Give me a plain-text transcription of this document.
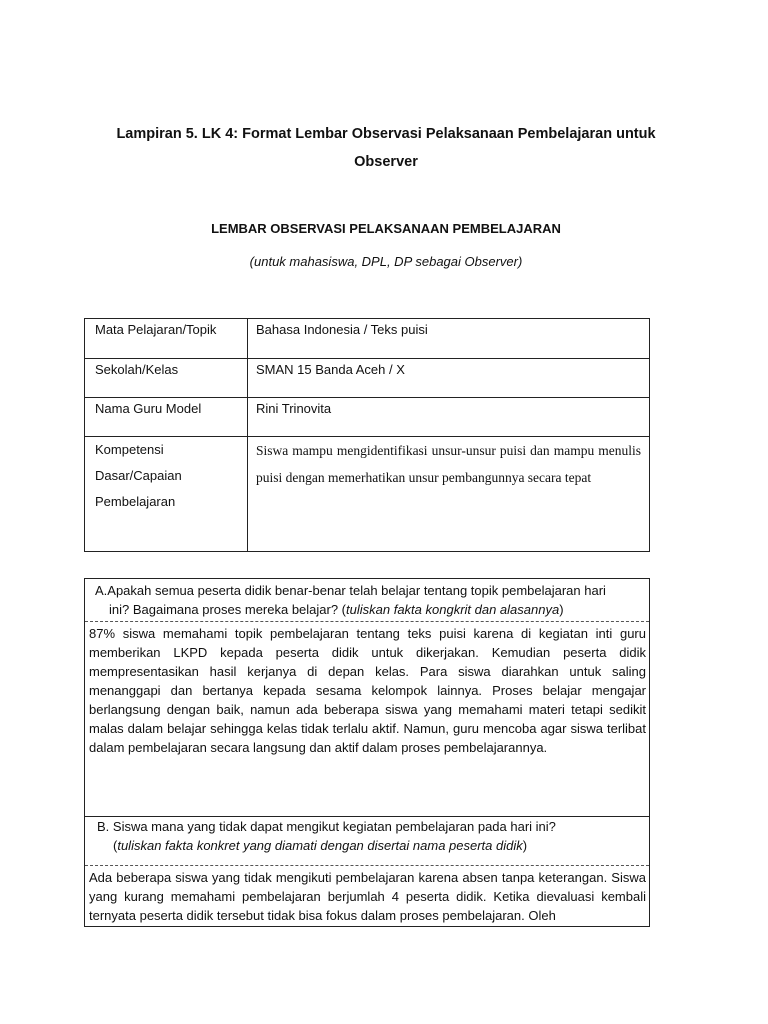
Lampiran 5. LK 4: Format Lembar Observasi Pelaksanaan Pembelajaran untuk
Observer
LEMBAR OBSERVASI PELAKSANAAN PEMBELAJARAN
(untuk mahasiswa, DPL, DP sebagai Observer)
Mata Pelajaran/Topik	Bahasa Indonesia / Teks puisi
Sekolah/Kelas	SMAN 15 Banda Aceh / X
Nama Guru Model	Rini Trinovita
Kompetensi
Dasar/Capaian
Pembelajaran	Siswa mampu mengidentifikasi unsur-unsur puisi dan mampu menulis puisi dengan memerhatikan unsur pembangunnya secara tepat
A.Apakah semua peserta didik benar-benar telah belajar tentang topik pembelajaran hari
ini? Bagaimana proses mereka belajar? (tuliskan fakta kongkrit dan alasannya)
87% siswa memahami topik pembelajaran tentang teks puisi karena di kegiatan inti guru memberikan LKPD kepada peserta didik untuk dikerjakan. Kemudian peserta didik mempresentasikan hasil kerjanya di depan kelas. Para siswa diarahkan untuk saling menanggapi dan bertanya kepada sesama kelompok lainnya. Proses belajar mengajar berlangsung dengan baik, namun ada beberapa siswa yang memahami materi tetapi sedikit malas dalam belajar sehingga kelas tidak terlalu aktif. Namun, guru mencoba agar siswa terlibat dalam pembelajaran secara langsung dan aktif dalam proses pembelajarannya.
B. Siswa mana yang tidak dapat mengikut kegiatan pembelajaran pada hari ini?
(tuliskan fakta konkret yang diamati dengan disertai nama peserta didik)
Ada beberapa siswa yang tidak mengikuti pembelajaran karena absen tanpa keterangan. Siswa yang kurang memahami pembelajaran berjumlah 4 peserta didik. Ketika dievaluasi kembali ternyata peserta didik tersebut tidak bisa fokus dalam proses pembelajaran. Oleh
